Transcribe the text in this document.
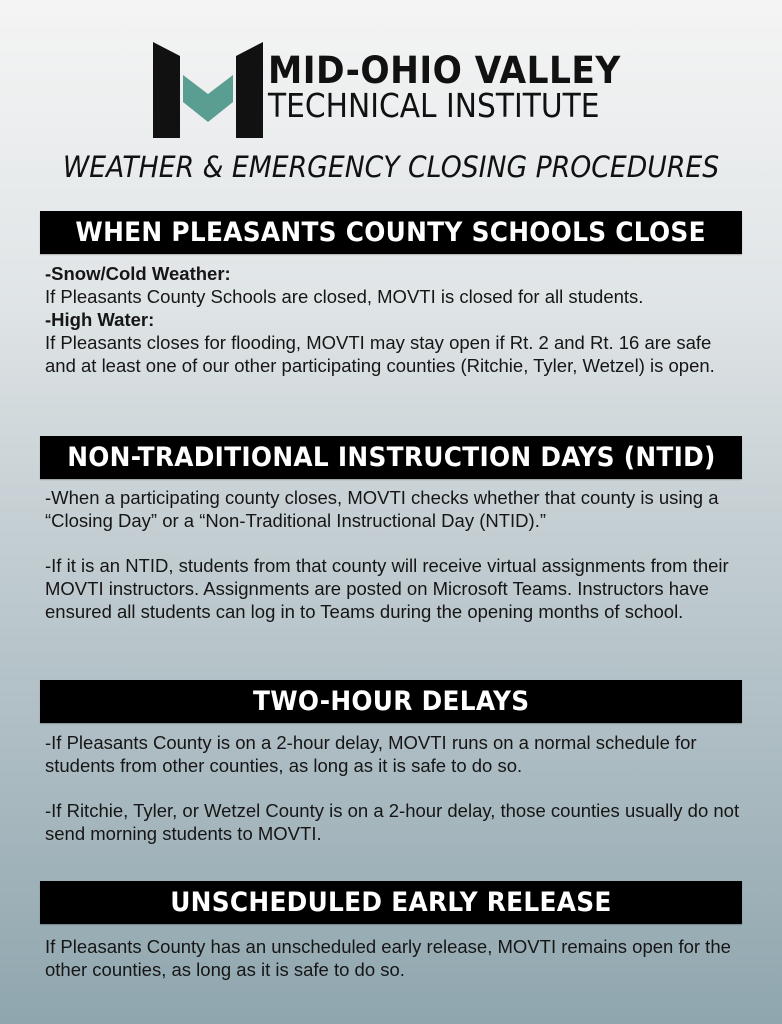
MID-OHIO VALLEY
TECHNICAL INSTITUTE
WEATHER & EMERGENCY CLOSING PROCEDURES
WHEN PLEASANTS COUNTY SCHOOLS CLOSE

-Snow/Cold Weather:

If Pleasants County Schools are closed, MOVTI is closed for all students.

-High Water:

If Pleasants closes for flooding, MOVTI may stay open if Rt. 2 and Rt. 16 are safe and at least one of our other participating counties (Ritchie, Tyler, Wetzel) is open.

NON-TRADITIONAL INSTRUCTION DAYS (NTID)

-When a participating county closes, MOVTI checks whether that county is using a “Closing Day” or a “Non-Traditional Instructional Day (NTID).”

-If it is an NTID, students from that county will receive virtual assignments from their MOVTI instructors. Assignments are posted on Microsoft Teams. Instructors have ensured all students can log in to Teams during the opening months of school.

TWO-HOUR DELAYS

-If Pleasants County is on a 2-hour delay, MOVTI runs on a normal schedule for students from other counties, as long as it is safe to do so.

-If Ritchie, Tyler, or Wetzel County is on a 2-hour delay, those counties usually do not send morning students to MOVTI.

UNSCHEDULED EARLY RELEASE

If Pleasants County has an unscheduled early release, MOVTI remains open for the other counties, as long as it is safe to do so.
